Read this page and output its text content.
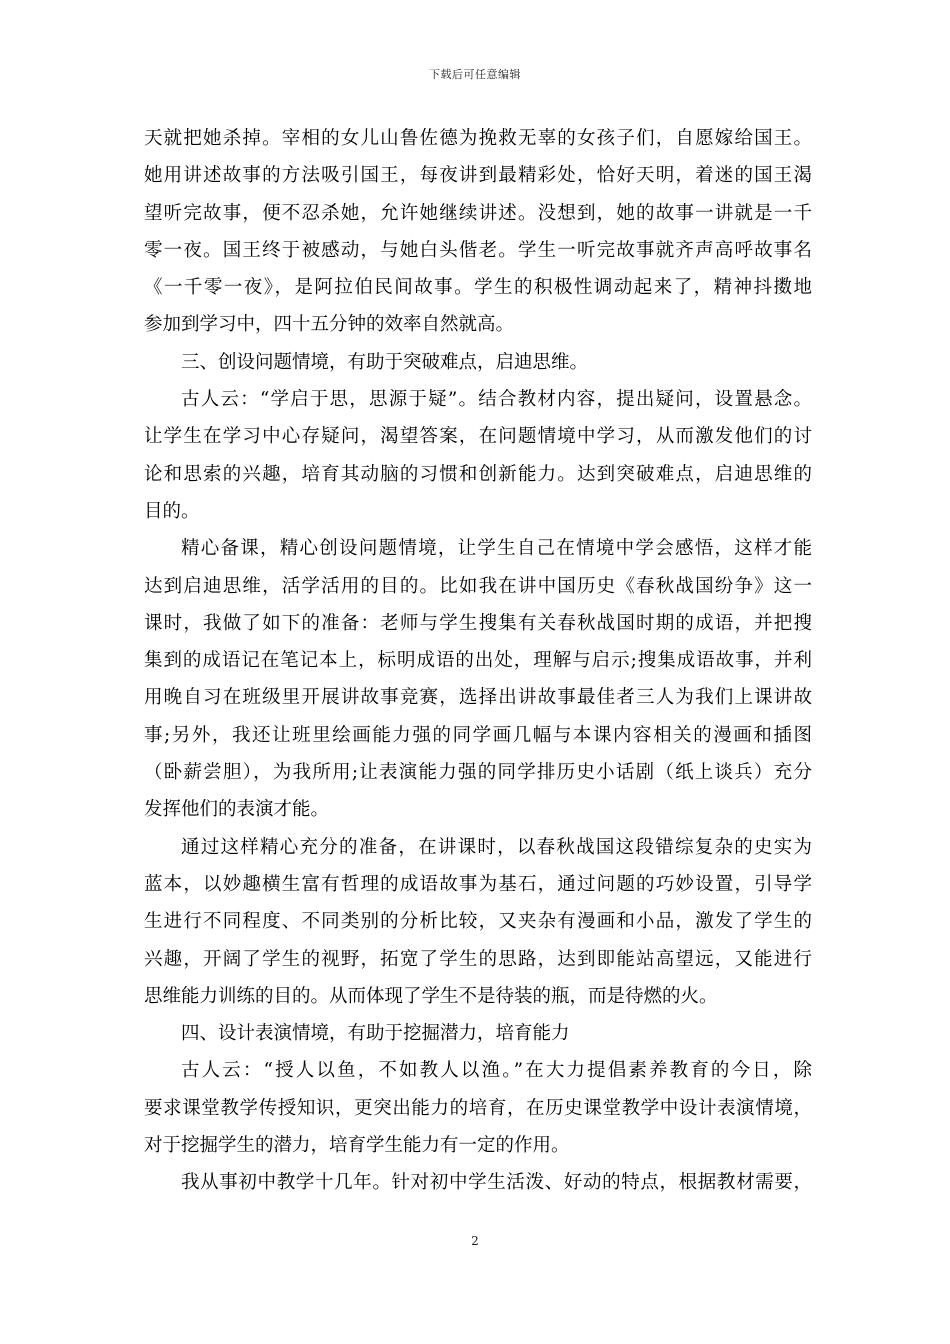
下载后可任意编辑
天就把她杀掉。宰相的女儿山鲁佐德为挽救无辜的女孩子们，自愿嫁给国王。
她用讲述故事的方法吸引国王，每夜讲到最精彩处，恰好天明，着迷的国王渴
望听完故事，便不忍杀她，允许她继续讲述。没想到，她的故事一讲就是一千
零一夜。国王终于被感动，与她白头偕老。学生一听完故事就齐声高呼故事名
《一千零一夜》，是阿拉伯民间故事。学生的积极性调动起来了，精神抖擞地
参加到学习中，四十五分钟的效率自然就高。
三、创设问题情境，有助于突破难点，启迪思维。
古人云：“学启于思，思源于疑”。结合教材内容，提出疑问，设置悬念。
让学生在学习中心存疑问，渴望答案，在问题情境中学习，从而激发他们的讨
论和思索的兴趣，培育其动脑的习惯和创新能力。达到突破难点，启迪思维的
目的。
精心备课，精心创设问题情境，让学生自己在情境中学会感悟，这样才能
达到启迪思维，活学活用的目的。比如我在讲中国历史《春秋战国纷争》这一
课时，我做了如下的准备：老师与学生搜集有关春秋战国时期的成语，并把搜
集到的成语记在笔记本上，标明成语的出处，理解与启示;搜集成语故事，并利
用晚自习在班级里开展讲故事竞赛，选择出讲故事最佳者三人为我们上课讲故
事;另外，我还让班里绘画能力强的同学画几幅与本课内容相关的漫画和插图
（卧薪尝胆），为我所用;让表演能力强的同学排历史小话剧（纸上谈兵）充分
发挥他们的表演才能。
通过这样精心充分的准备，在讲课时，以春秋战国这段错综复杂的史实为
蓝本，以妙趣横生富有哲理的成语故事为基石，通过问题的巧妙设置，引导学
生进行不同程度、不同类别的分析比较，又夹杂有漫画和小品，激发了学生的
兴趣，开阔了学生的视野，拓宽了学生的思路，达到即能站高望远，又能进行
思维能力训练的目的。从而体现了学生不是待装的瓶，而是待燃的火。
四、设计表演情境，有助于挖掘潜力，培育能力
古人云：“授人以鱼，不如教人以渔。”在大力提倡素养教育的今日，除
要求课堂教学传授知识，更突出能力的培育，在历史课堂教学中设计表演情境，
对于挖掘学生的潜力，培育学生能力有一定的作用。
我从事初中教学十几年。针对初中学生活泼、好动的特点，根据教材需要，
2
